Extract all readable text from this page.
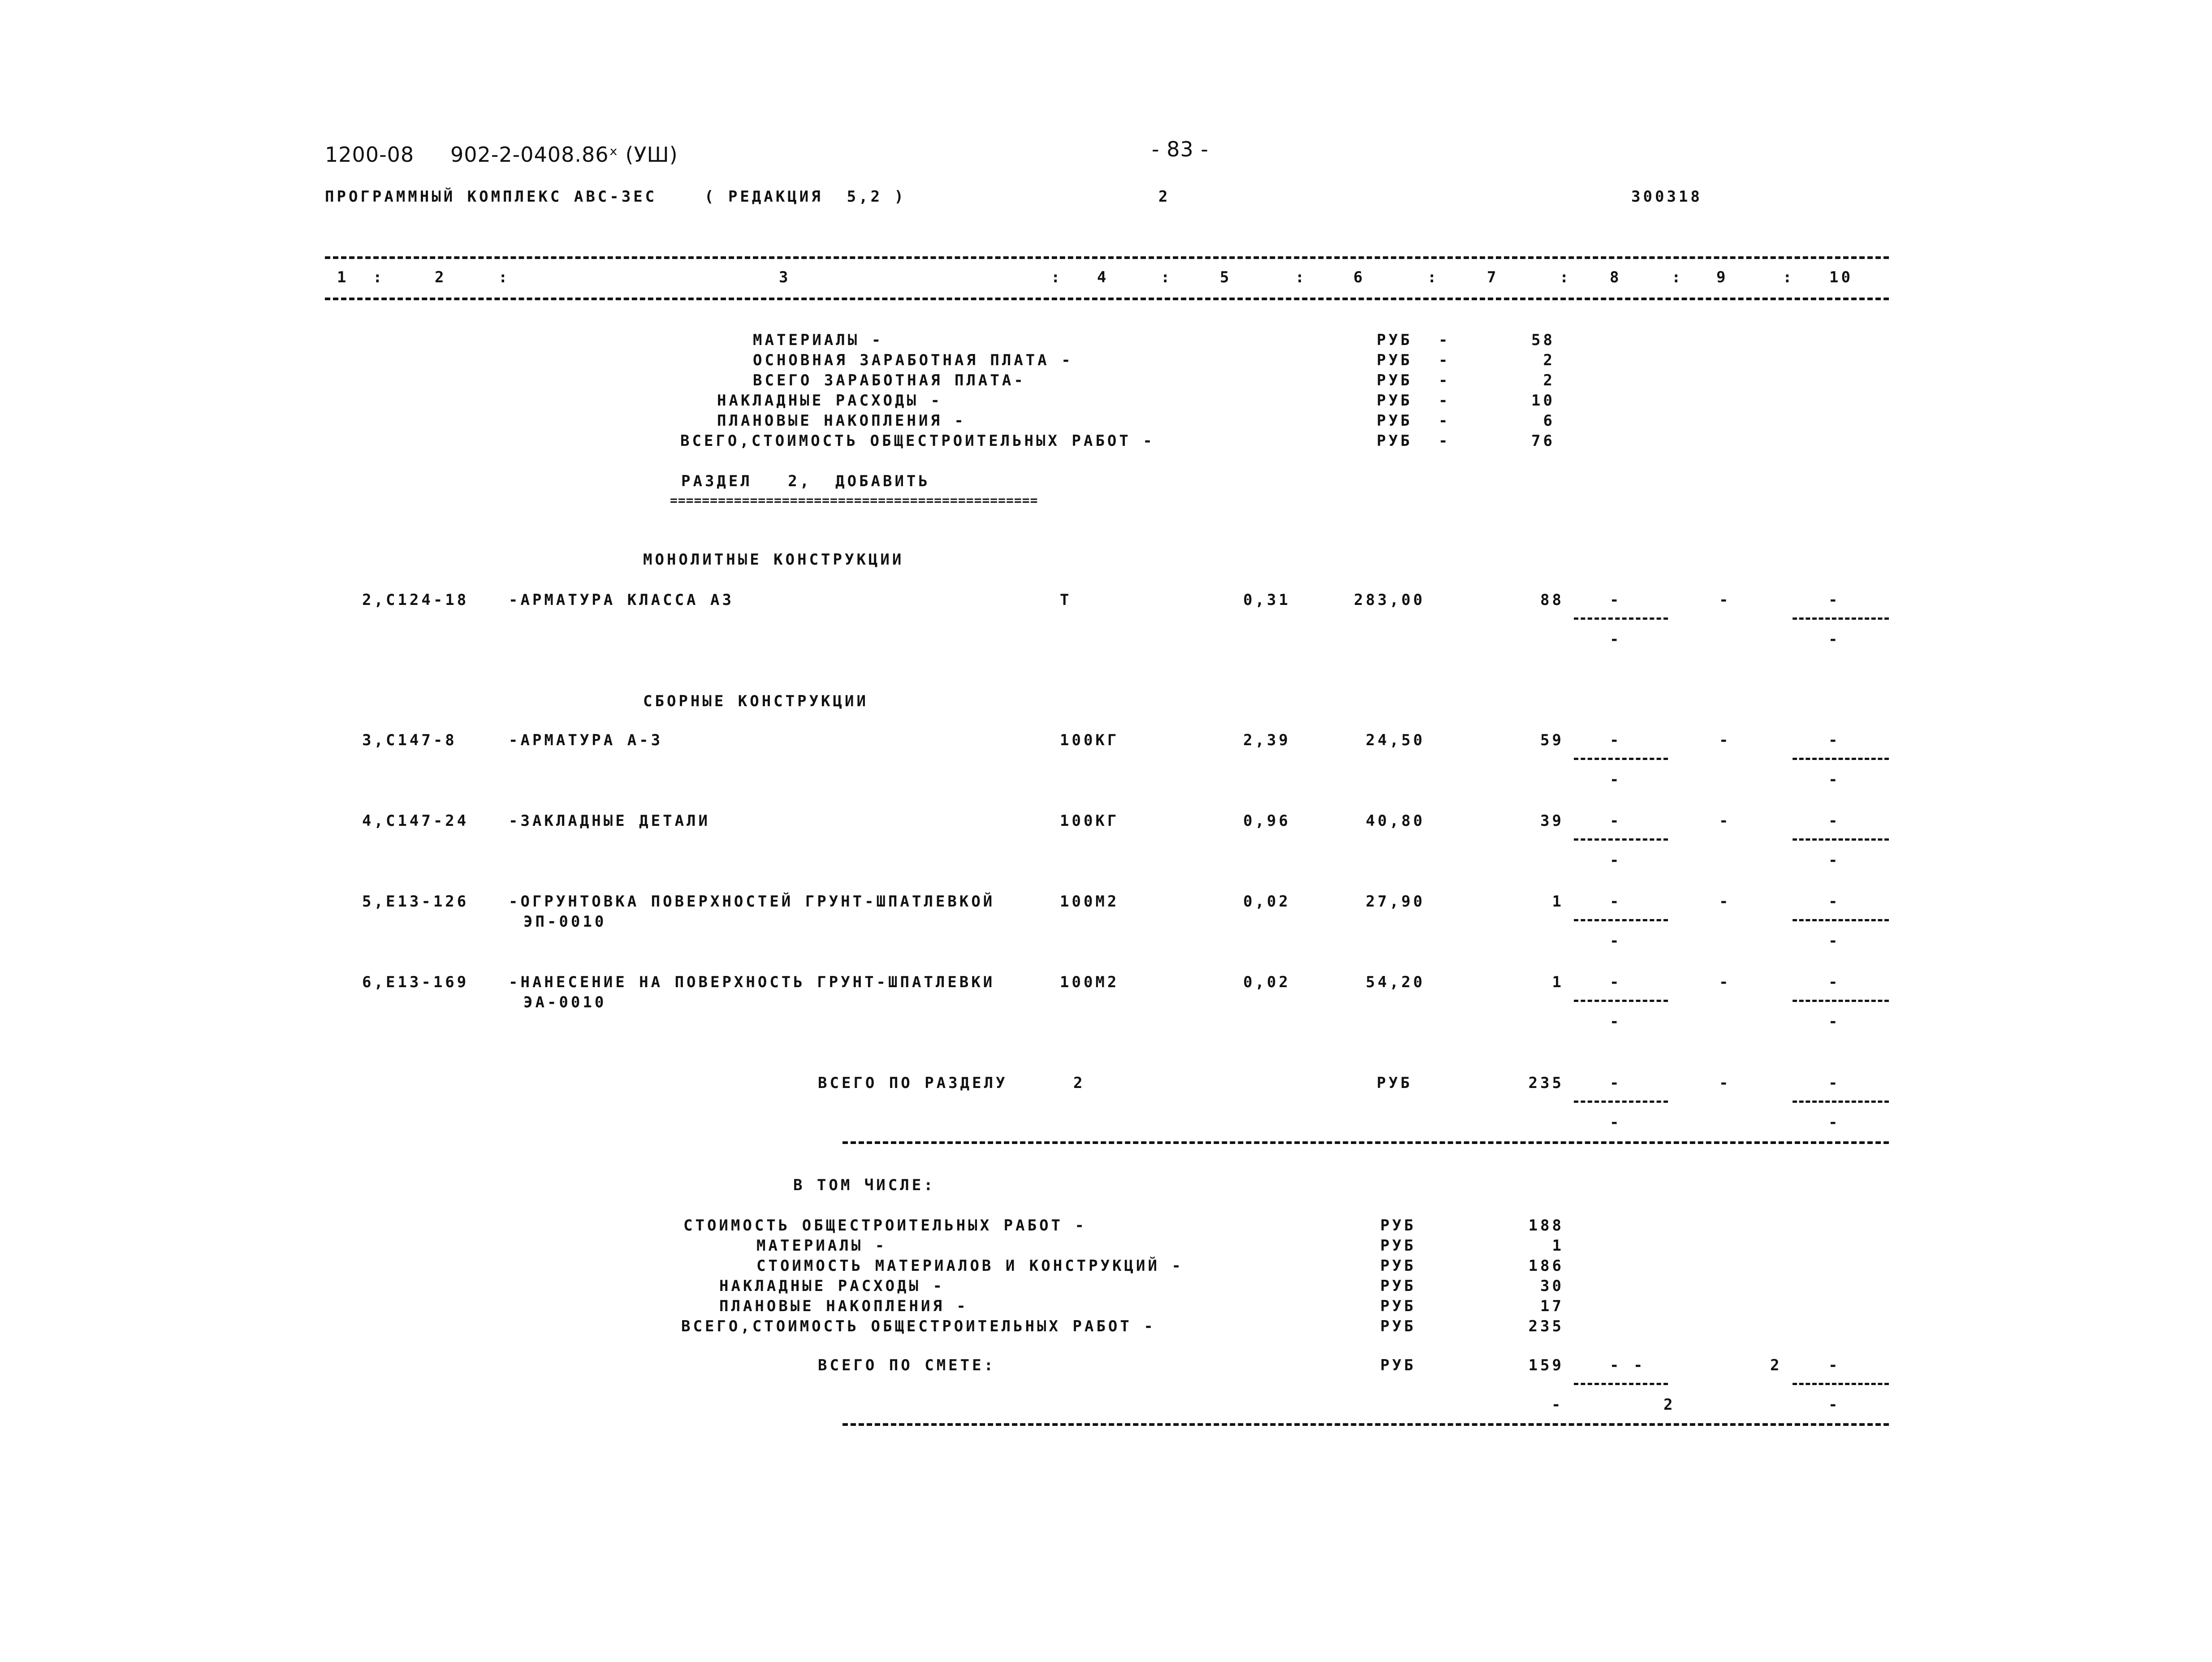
1200-08 902-2-0408.86ˣ (УШ)	- 83 -
ПРОГРАММНЫЙ КОМПЛЕКС АВС-ЗЕС	( РЕДАКЦИЯ  5,2 )	2	300318
1 :	2	:	3	: 4	:	5	:	6	:	7	:	8	: 9	: 10
МАТЕРИАЛЫ -	РУБ -	58
ОСНОВНАЯ ЗАРАБОТНАЯ ПЛАТА -	РУБ -	2
ВСЕГО ЗАРАБОТНАЯ ПЛАТА-	РУБ -	2
НАКЛАДНЫЕ РАСХОДЫ -	РУБ -	10
ПЛАНОВЫЕ НАКОПЛЕНИЯ -	РУБ -	6
ВСЕГО,СТОИМОСТЬ ОБЩЕСТРОИТЕЛЬНЫХ РАБОТ -	РУБ -	76
РАЗДЕЛ   2,  ДОБАВИТЬ
==============================================
МОНОЛИТНЫЕ КОНСТРУКЦИИ
2,С124-18	-АРМАТУРА КЛАССА А3	Т	0,31	283,00	88	-	-	-
-	-
СБОРНЫЕ КОНСТРУКЦИИ
3,С147-8	-АРМАТУРА А-3	100КГ	2,39	24,50	59	-	-	-
-	-
4,С147-24	-ЗАКЛАДНЫЕ ДЕТАЛИ	100КГ	0,96	40,80	39	-	-	-
-	-
5,Е13-126	-ОГРУНТОВКА ПОВЕРХНОСТЕЙ ГРУНТ-ШПАТЛЕВКОЙ
ЭП-0010
100М2	0,02	27,90	1	-	-	-
-	-
6,Е13-169	-НАНЕСЕНИЕ НА ПОВЕРХНОСТЬ ГРУНТ-ШПАТЛЕВКИ
ЭА-0010
100М2	0,02	54,20	1	-	-	-
-	-
ВСЕГО ПО РАЗДЕЛУ	2	РУБ	235	-	-	-
-	-
В ТОМ ЧИСЛЕ:
СТОИМОСТЬ ОБЩЕСТРОИТЕЛЬНЫХ РАБОТ -	РУБ	188
МАТЕРИАЛЫ -	РУБ	1
СТОИМОСТЬ МАТЕРИАЛОВ И КОНСТРУКЦИЙ -	РУБ	186
НАКЛАДНЫЕ РАСХОДЫ -	РУБ	30
ПЛАНОВЫЕ НАКОПЛЕНИЯ -	РУБ	17
ВСЕГО,СТОИМОСТЬ ОБЩЕСТРОИТЕЛЬНЫХ РАБОТ -	РУБ	235
ВСЕГО ПО СМЕТЕ:	РУБ	159	- -	2	-
-	2	-
